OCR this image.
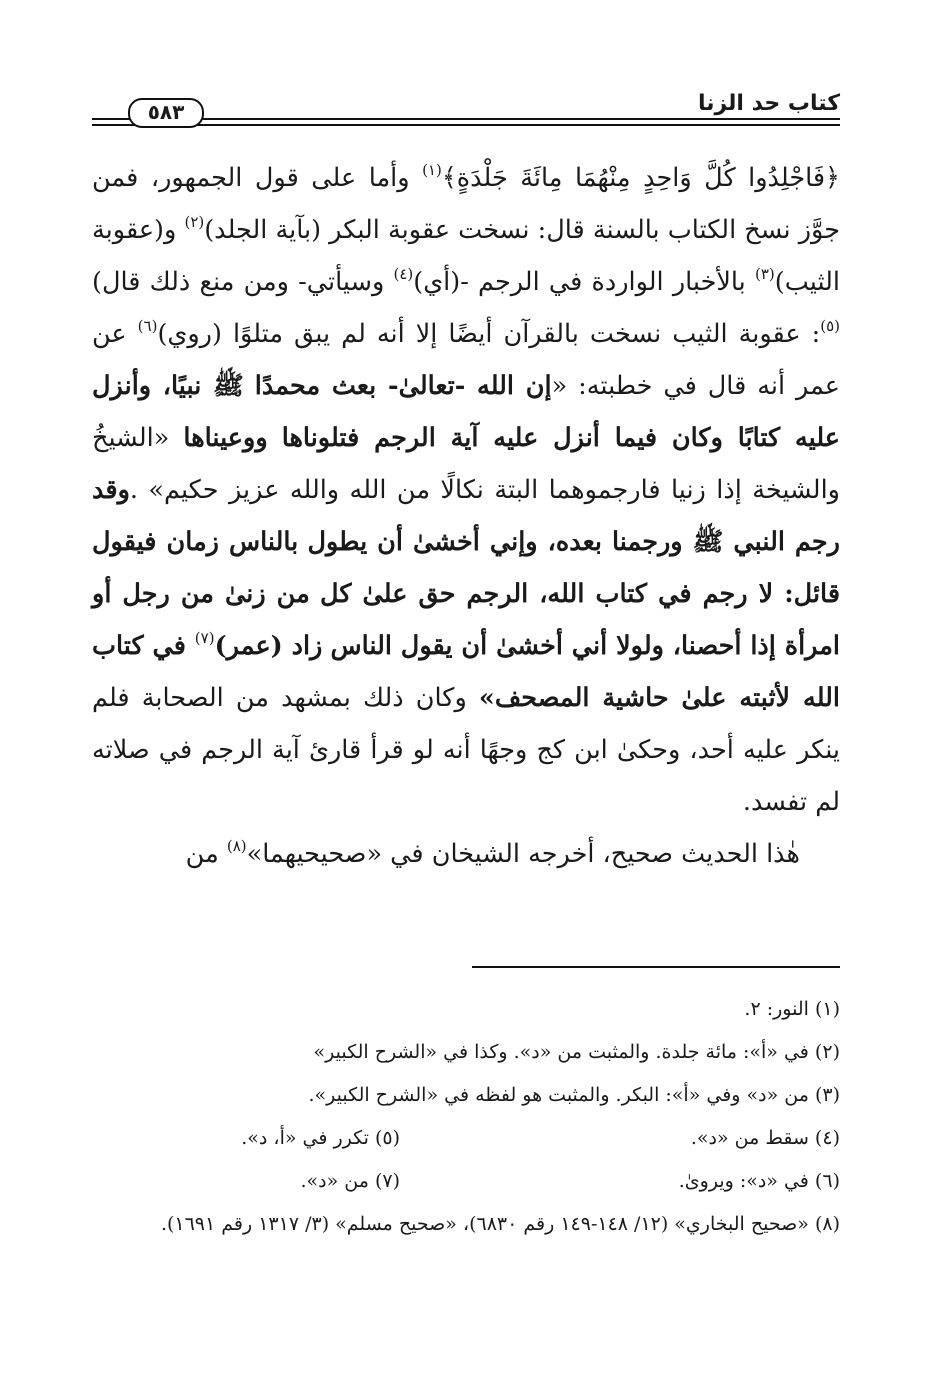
كتاب حد الزنا
٥٨٣

﴿فَاجْلِدُوا كُلَّ وَاحِدٍ مِنْهُمَا مِائَةَ جَلْدَةٍ﴾$^{(١)}$ وأما على قول الجمهور، فمن جوَّز نسخ الكتاب بالسنة قال: نسخت عقوبة البكر (بآية الجلد)$^{(٢)}$ و(عقوبة الثيب)$^{(٣)}$ بالأخبار الواردة في الرجم -(أي)$^{(٤)}$ وسيأتي- ومن منع ذلك قال)$^{(٥)}$: عقوبة الثيب نسخت بالقرآن أيضًا إلا أنه لم يبق متلوًا (روي)$^{(٦)}$ عن عمر أنه قال في خطبته: «إن الله -تعالىٰ- بعث محمدًا ﷺ نبيًا، وأنزل عليه كتابًا وكان فيما أنزل عليه آية الرجم فتلوناها ووعيناها «الشيخُ والشيخة إذا زنيا فارجموهما البتة نكالًا من الله والله عزيز حكيم» .وقد رجم النبي ﷺ ورجمنا بعده، وإني أخشىٰ أن يطول بالناس زمان فيقول قائل: لا رجم في كتاب الله، الرجم حق علىٰ كل من زنىٰ من رجل أو امرأة إذا أحصنا، ولولا أني أخشىٰ أن يقول الناس زاد (عمر)$^{(٧)}$ في كتاب الله لأثبته علىٰ حاشية المصحف» وكان ذلك بمشهد من الصحابة فلم ينكر عليه أحد، وحكىٰ ابن كج وجهًا أنه لو قرأ قارئ آية الرجم في صلاته لم تفسد.

هٰذا الحديث صحيح، أخرجه الشيخان في «صحيحيهما»$^{(٨)}$ من

(١) النور: ٢.
(٢) في «أ»: مائة جلدة. والمثبت من «د». وكذا في «الشرح الكبير»
(٣) من «د» وفي «أ»: البكر. والمثبت هو لفظه في «الشرح الكبير».
(٤) سقط من «د».
(٥) تكرر في «أ، د».
(٦) في «د»: ويروىٰ.
(٧) من «د».
(٨) «صحيح البخاري» (١٢/ ١٤٨-١٤٩ رقم ٦٨٣٠)، «صحيح مسلم» (٣/ ١٣١٧ رقم ١٦٩١).
